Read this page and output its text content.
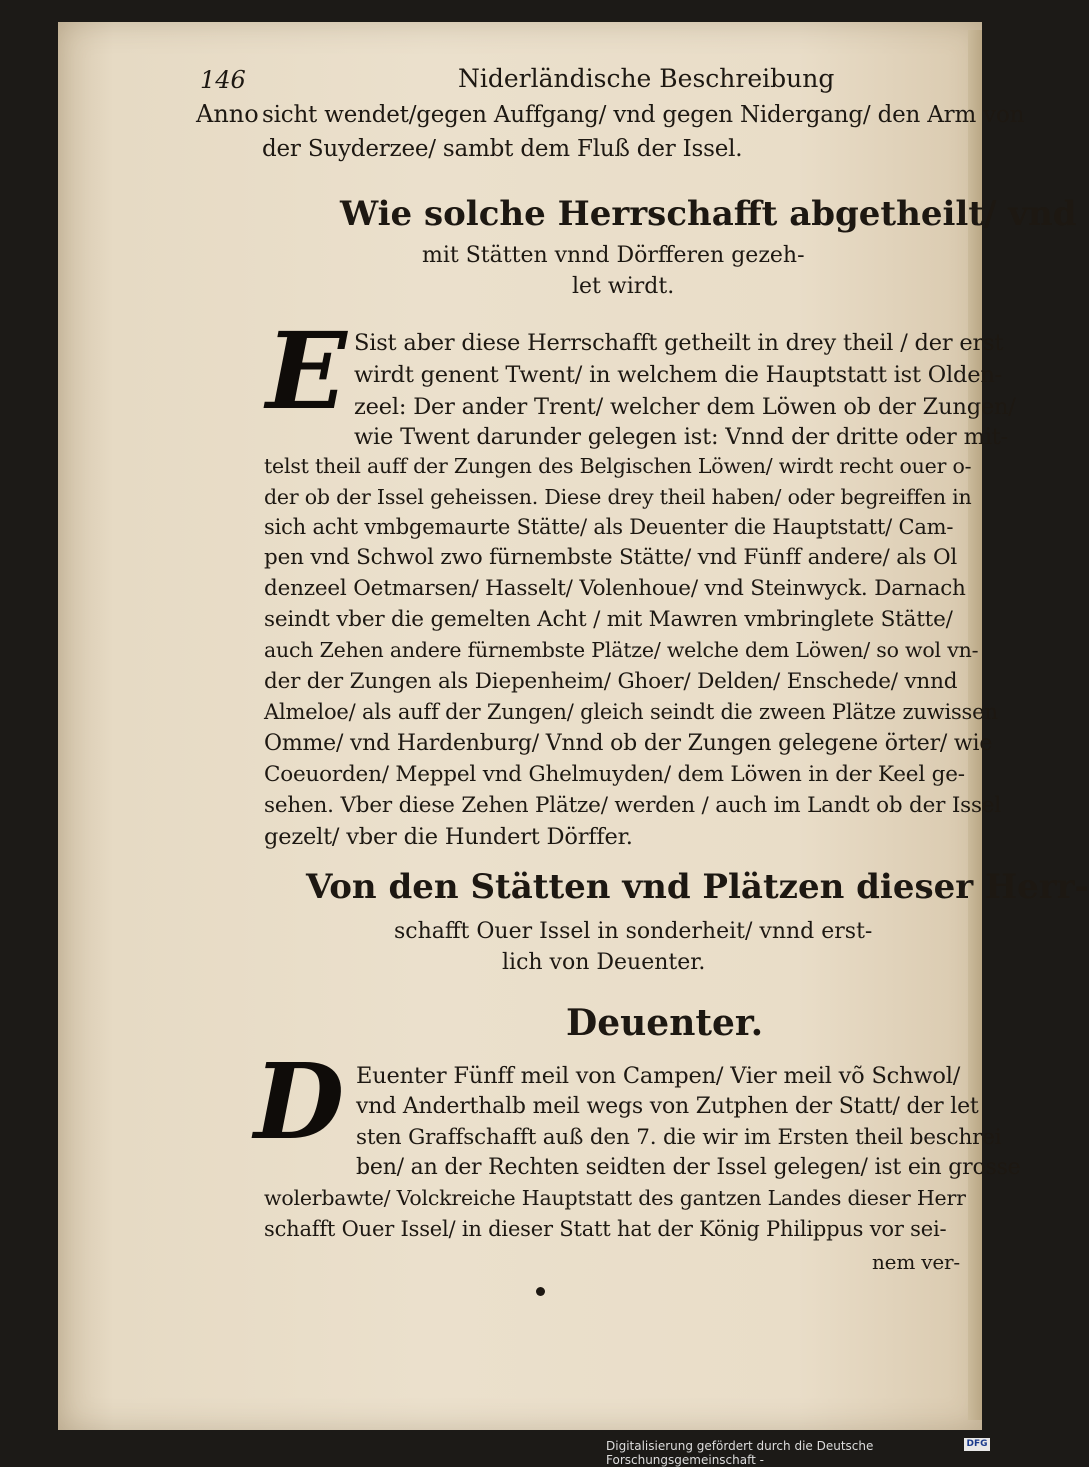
146	Niderländische Beschreibung
Anno sicht wendet/gegen Auffgang/ vnd gegen Nidergang/ den Arm von
der Suyderzee/ sambt dem Fluß der Issel.
Wie solche Herrschafft abgetheilt/ vnd
mit Stätten vnnd Dörfferen gezeh-
let wirdt.
E Sist aber diese Herrschafft getheilt in drey theil / der erst
wirdt genent Twent/ in welchem die Hauptstatt ist Olden-
zeel: Der ander Trent/ welcher dem Löwen ob der Zungen/
wie Twent darunder gelegen ist: Vnnd der dritte oder mit-
telst theil auff der Zungen des Belgischen Löwen/ wirdt recht ouer o-
der ob der Issel geheissen. Diese drey theil haben/ oder begreiffen in
sich acht vmbgemaurte Stätte/ als Deuenter die Hauptstatt/ Cam-
pen vnd Schwol zwo fürnembste Stätte/ vnd Fünff andere/ als Ol
denzeel Oetmarsen/ Hasselt/ Volenhoue/ vnd Steinwyck. Darnach
seindt vber die gemelten Acht / mit Mawren vmbringlete Stätte/
auch Zehen andere fürnembste Plätze/ welche dem Löwen/ so wol vn-
der der Zungen als Diepenheim/ Ghoer/ Delden/ Enschede/ vnnd
Almeloe/ als auff der Zungen/ gleich seindt die zween Plätze zuwissen
Omme/ vnd Hardenburg/ Vnnd ob der Zungen gelegene örter/ wie
Coeuorden/ Meppel vnd Ghelmuyden/ dem Löwen in der Keel ge-
sehen. Vber diese Zehen Plätze/ werden / auch im Landt ob der Issel
gezelt/ vber die Hundert Dörffer.
Von den Stätten vnd Plätzen dieser Herr-
schafft Ouer Issel in sonderheit/ vnnd erst-
lich von Deuenter.
Deuenter.
D Euenter Fünff meil von Campen/ Vier meil võ Schwol/
vnd Anderthalb meil wegs von Zutphen der Statt/ der let
sten Graffschafft auß den 7. die wir im Ersten theil beschrei
ben/ an der Rechten seidten der Issel gelegen/ ist ein grosse
wolerbawte/ Volckreiche Hauptstatt des gantzen Landes dieser Herr
schafft Ouer Issel/ in dieser Statt hat der König Philippus vor sei-
nem ver-
Digitalisierung gefördert durch die Deutsche Forschungsgemeinschaft -
DFG
